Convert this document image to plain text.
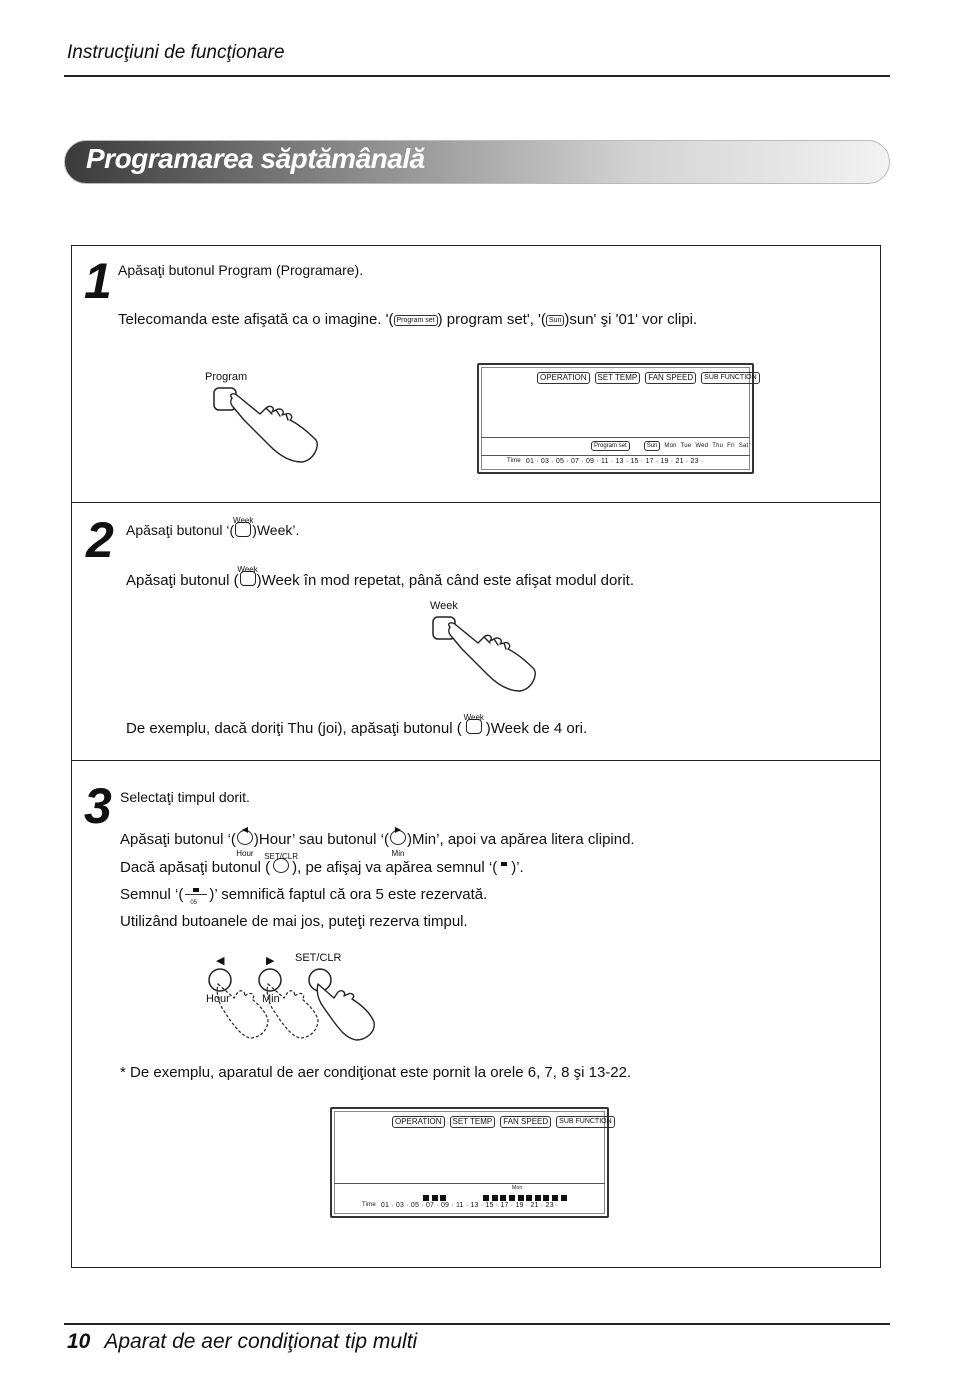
Instrucţiuni de funcţionare
Programarea săptămânală
1 Apăsaţi butonul Program (Programare).
Telecomanda este afişată ca o imagine. '( Program set ) program set', '( Sun )sun' şi '01' vor clipi.
Program	OPERATION	SET TEMP	FAN SPEED	SUB FUNCTION
Program set	Sun	Mon Tue Wed Thu Fri Sat
Time 01 · 03 · 05 · 07 · 09 · 11 · 13 · 15 · 17 · 19 · 21 · 23 ·
2 Apăsaţi butonul ‘(
Week
)Week’.
Apăsaţi butonul (
Week
)Week în mod repetat, până când este afişat modul dorit.
Week
De exemplu, dacă doriţi Thu (joi), apăsaţi butonul (
Week
)Week de 4 ori.
3 Selectaţi timpul dorit.
Apăsaţi butonul ‘(
◀
Hour
)Hour’ sau butonul ‘(
▶
Min
)Min’, apoi va apărea litera clipind.
Dacă apăsaţi butonul (
SET/CLR
), pe afişaj va apărea semnul ‘( )’.
Semnul ‘(
05
)’ semnifică faptul că ora 5 este rezervată.
Utilizând butoanele de mai jos, puteţi rezerva timpul.
◀	▶ SET/CLR
Hour	Min
* De exemplu, aparatul de aer condiţionat este pornit la orele 6, 7, 8 şi 13-22.
OPERATION	SET TEMP	FAN SPEED	SUB FUNCTION
Mon
Time 01 · 03 · 05 · 07 · 09 · 11 · 13 · 15 · 17 · 19 · 21 · 23 ·
10 Aparat de aer condiţionat tip multi
